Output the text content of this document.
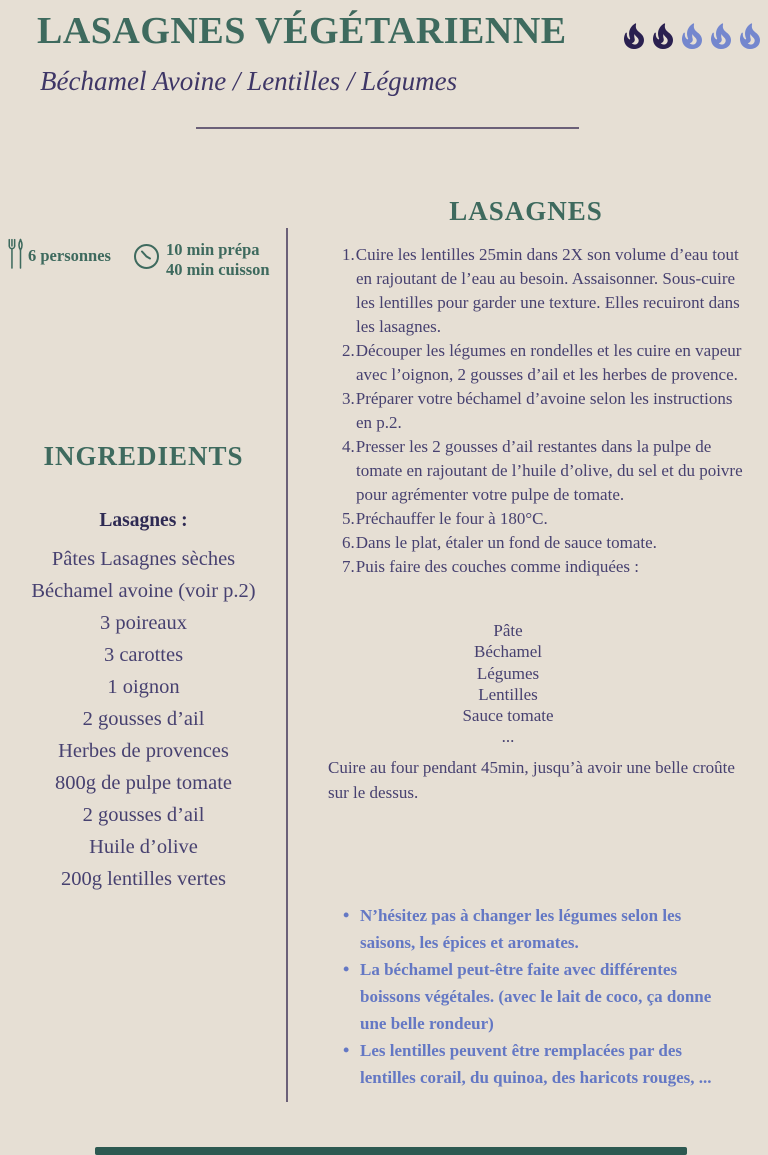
LASAGNES VÉGÉTARIENNE
Béchamel Avoine / Lentilles / Légumes
6 personnes	10 min prépa
40 min cuisson
INGREDIENTS

Lasagnes :

Pâtes Lasagnes sèches
Béchamel avoine (voir p.2)
3 poireaux
3 carottes
1 oignon
2 gousses d’ail
Herbes de provences
800g de pulpe tomate
2 gousses d’ail
Huile d’olive
200g lentilles vertes
LASAGNES
Cuire les lentilles 25min dans 2X son volume d’eau tout en rajoutant de l’eau au besoin. Assaisonner. Sous-cuire les lentilles pour garder une texture. Elles recuiront dans les lasagnes.
Découper les légumes en rondelles et les cuire en vapeur avec l’oignon, 2 gousses d’ail et les herbes de provence.
Préparer votre béchamel d’avoine selon les instructions en p.2.
Presser les 2 gousses d’ail restantes dans la pulpe de tomate en rajoutant de l’huile d’olive, du sel et du poivre pour agrémenter votre pulpe de tomate.
Préchauffer le four à 180°C.
Dans le plat, étaler un fond de sauce tomate.
Puis faire des couches comme indiquées :
Pâte
Béchamel
Légumes
Lentilles
Sauce tomate
...
Cuire au four pendant 45min, jusqu’à avoir une belle croûte sur le dessus.
• N’hésitez pas à changer les légumes selon les saisons, les épices et aromates.
• La béchamel peut-être faite avec différentes boissons végétales. (avec le lait de coco, ça donne une belle rondeur)
• Les lentilles peuvent être remplacées par des lentilles corail, du quinoa, des haricots rouges, ...
